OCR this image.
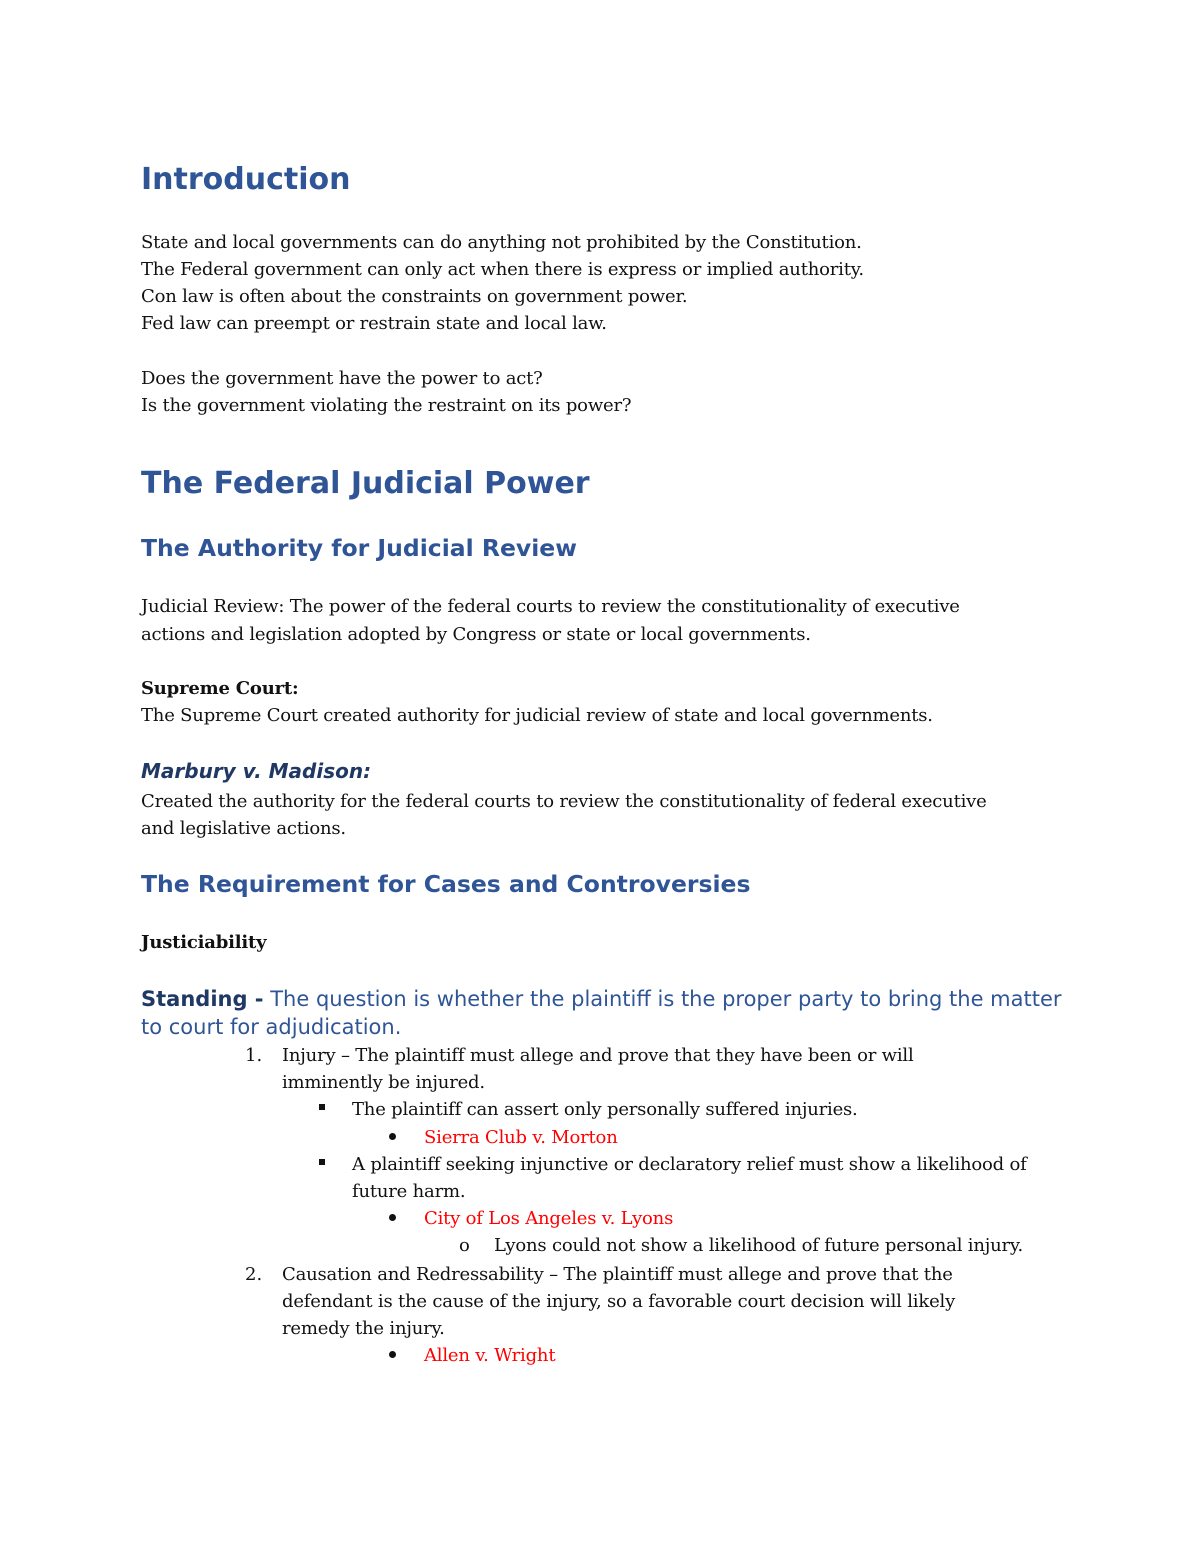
Introduction

State and local governments can do anything not prohibited by the Constitution.

The Federal government can only act when there is express or implied authority.

Con law is often about the constraints on government power.

Fed law can preempt or restrain state and local law.

Does the government have the power to act?

Is the government violating the restraint on its power?

The Federal Judicial Power
The Authority for Judicial Review

Judicial Review: The power of the federal courts to review the constitutionality of executive

actions and legislation adopted by Congress or state or local governments.

Supreme Court:

The Supreme Court created authority for judicial review of state and local governments.

Marbury v. Madison:

Created the authority for the federal courts to review the constitutionality of federal executive

and legislative actions.

The Requirement for Cases and Controversies

Justiciability

Standing - The question is whether the plaintiff is the proper party to bring the matter to court for adjudication.

1. Injury – The plaintiff must allege and prove that they have been or will imminently be injured.
The plaintiff can assert only personally suffered injuries.
Sierra Club v. Morton
A plaintiff seeking injunctive or declaratory relief must show a likelihood of future harm.
City of Los Angeles v. Lyons
o Lyons could not show a likelihood of future personal injury.
2. Causation and Redressability – The plaintiff must allege and prove that the defendant is the cause of the injury, so a favorable court decision will likely remedy the injury.
Allen v. Wright
